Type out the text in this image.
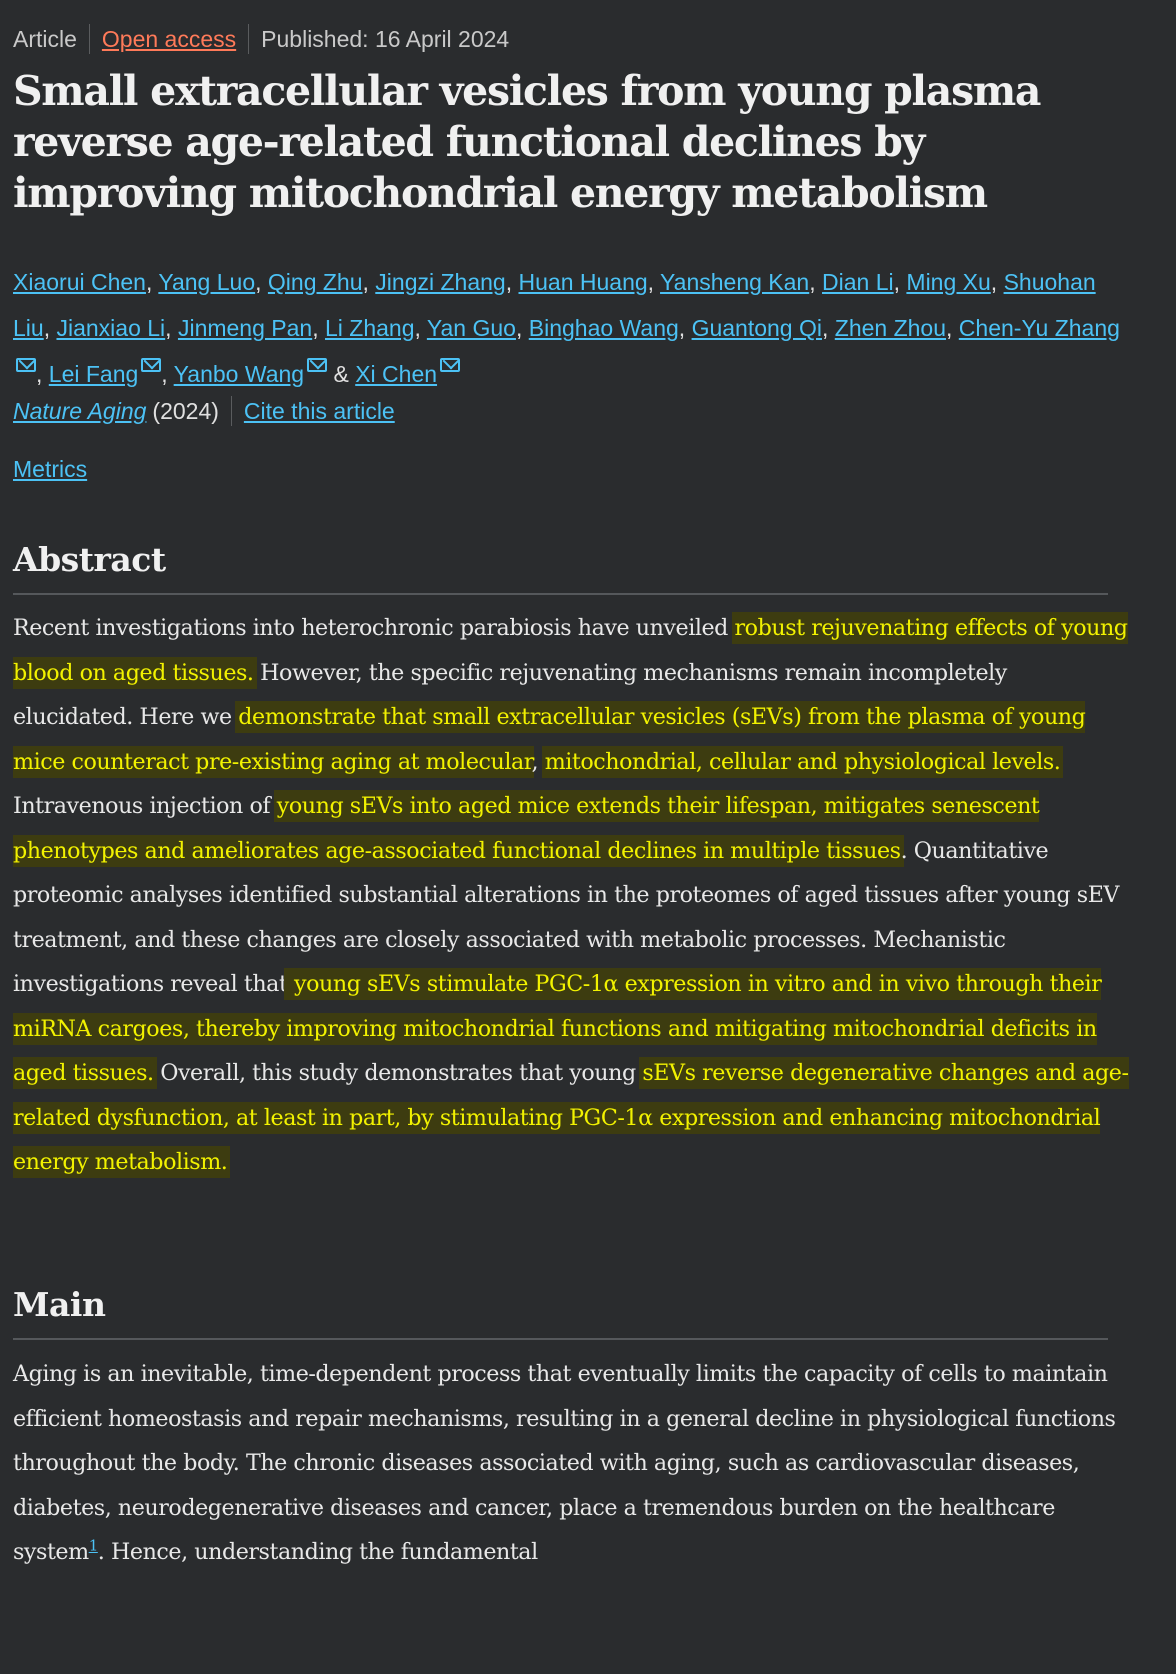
Article Open access Published: 16 April 2024
Small extracellular vesicles from young plasma reverse age-related functional declines by improving mitochondrial energy metabolism

Xiaorui Chen, Yang Luo, Qing Zhu, Jingzi Zhang, Huan Huang, Yansheng Kan, Dian Li, Ming Xu, Shuohan Liu, Jianxiao Li, Jinmeng Pan, Li Zhang, Yan Guo, Binghao Wang, Guantong Qi, Zhen Zhou, Chen-Yu Zhang, Lei Fang , Yanbo Wang & Xi Chen

Nature Aging (2024) Cite this article
Metrics
Abstract

Recent investigations into heterochronic parabiosis have unveiled robust rejuvenating effects of young blood on aged tissues. However, the specific rejuvenating mechanisms remain incompletely elucidated. Here we demonstrate that small extracellular vesicles (sEVs) from the plasma of young mice counteract pre-existing aging at molecular, mitochondrial, cellular and physiological levels. Intravenous injection of young sEVs into aged mice extends their lifespan, mitigates senescent phenotypes and ameliorates age-associated functional declines in multiple tissues. Quantitative proteomic analyses identified substantial alterations in the proteomes of aged tissues after young sEV treatment, and these changes are closely associated with metabolic processes. Mechanistic investigations reveal that young sEVs stimulate PGC-1α expression in vitro and in vivo through their miRNA cargoes, thereby improving mitochondrial functions and mitigating mitochondrial deficits in aged tissues. Overall, this study demonstrates that young sEVs reverse degenerative changes and age-related dysfunction, at least in part, by stimulating PGC-1α expression and enhancing mitochondrial energy metabolism.

Main

Aging is an inevitable, time-dependent process that eventually limits the capacity of cells to maintain efficient homeostasis and repair mechanisms, resulting in a general decline in physiological functions throughout the body. The chronic diseases associated with aging, such as cardiovascular diseases, diabetes, neurodegenerative diseases and cancer, place a tremendous burden on the healthcare system$^1$. Hence, understanding the fundamental
